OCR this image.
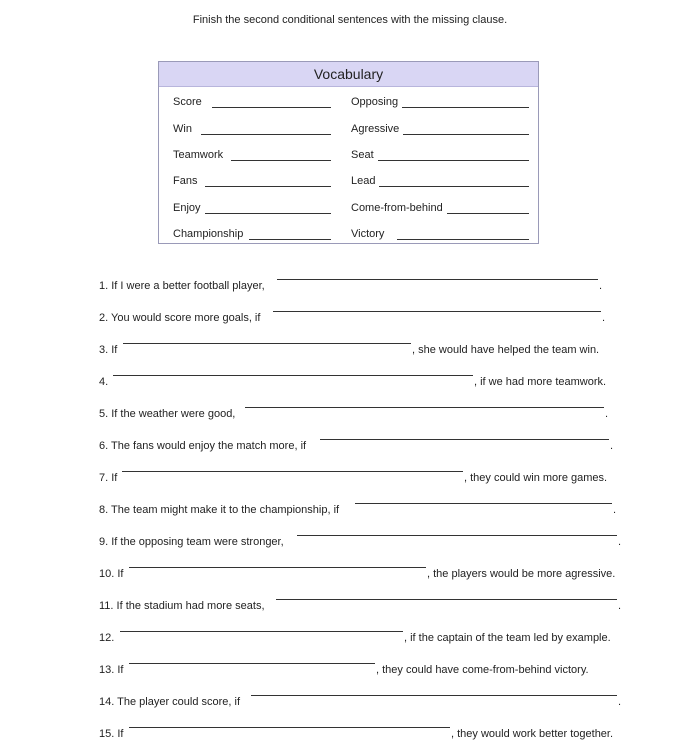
Finish the second conditional sentences with the missing clause.
Vocabulary
Score	Opposing
Win	Agressive
Teamwork	Seat
Fans	Lead
Enjoy	Come-from-behind
Championship	Victory
1. If I were a better football player,	.
2. You would score more goals, if	.
3. If	, she would have helped the team win.
4.	, if we had more teamwork.
5. If the weather were good,	.
6. The fans would enjoy the match more, if	.
7. If	, they could win more games.
8. The team might make it to the championship, if	.
9. If the opposing team were stronger,	.
10. If	, the players would be more agressive.
11. If the stadium had more seats,	.
12.	, if the captain of the team led by example.
13. If	, they could have come-from-behind victory.
14. The player could score, if	.
15. If	, they would work better together.
